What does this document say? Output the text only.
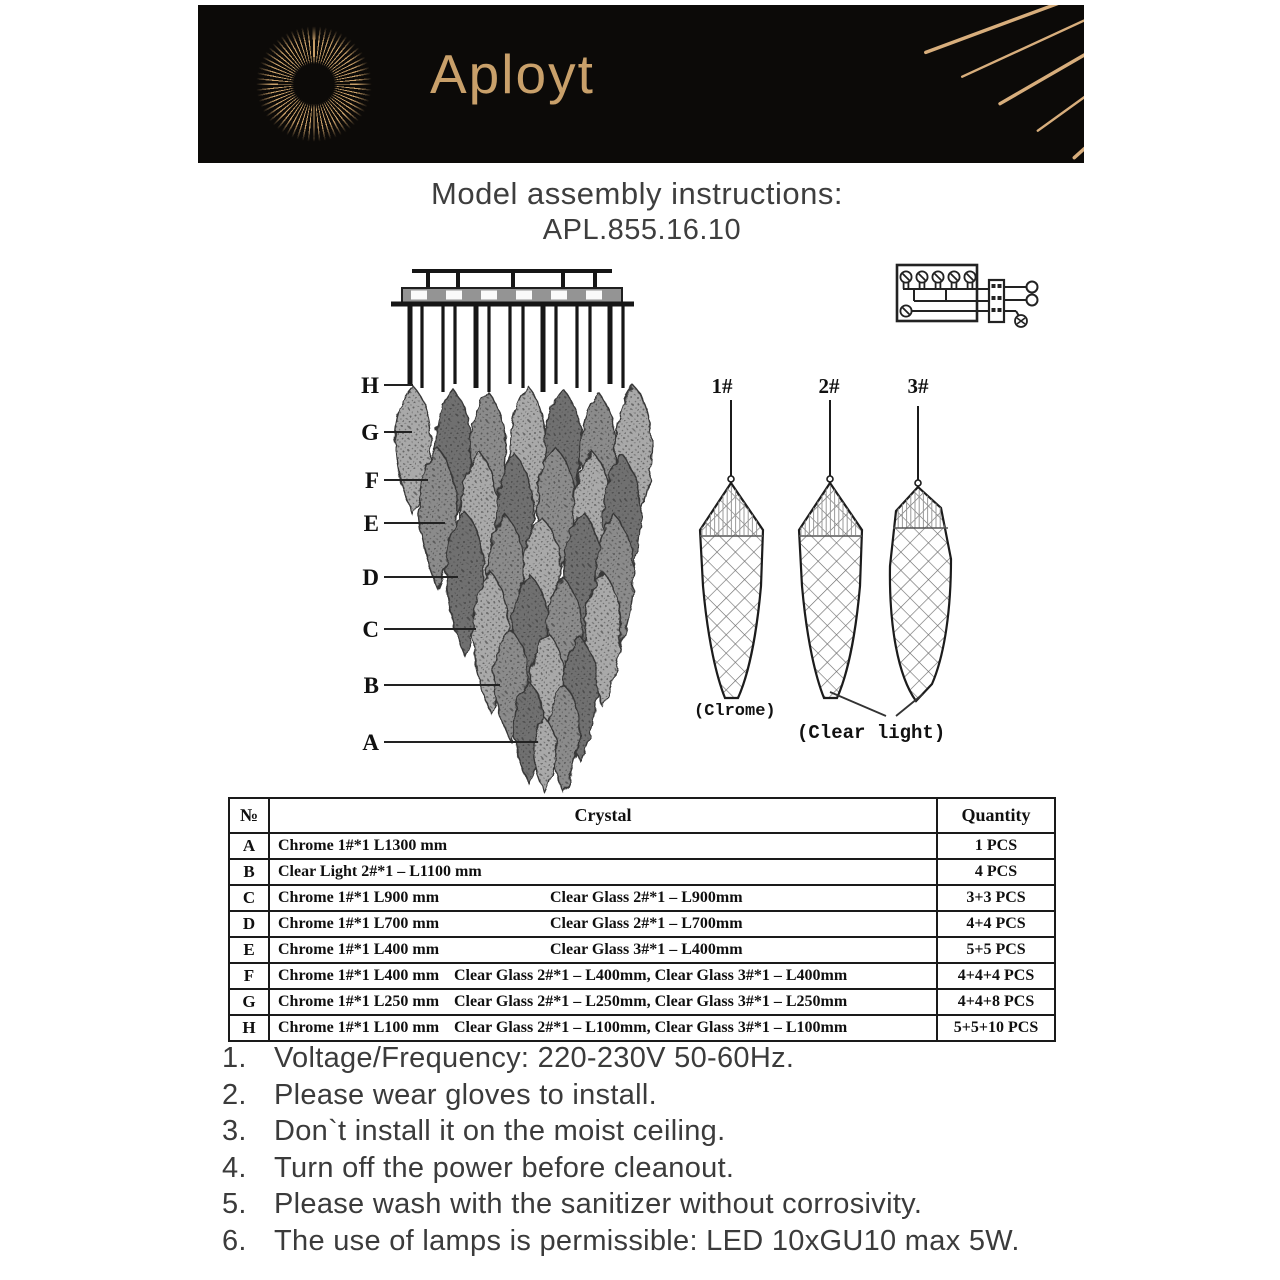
Aployt
Model assembly instructions:
APL.855.16.10
H
G
F
E
D
C
B
A
1#	2#	3#
(Clrome)
(Clear light)
№	Crystal	Quantity
A	Chrome 1#*1 L1300 mm	1 PCS
B	Clear Light 2#*1 – L1100 mm	4 PCS
C	Chrome 1#*1 L900 mm Clear Glass 2#*1 – L900mm	3+3 PCS
D	Chrome 1#*1 L700 mm Clear Glass 2#*1 – L700mm	4+4 PCS
E	Chrome 1#*1 L400 mm Clear Glass 3#*1 – L400mm	5+5 PCS
F	Chrome 1#*1 L400 mm Clear Glass 2#*1 – L400mm, Clear Glass 3#*1 – L400mm	4+4+4 PCS
G	Chrome 1#*1 L250 mm Clear Glass 2#*1 – L250mm, Clear Glass 3#*1 – L250mm	4+4+8 PCS
H	Chrome 1#*1 L100 mm Clear Glass 2#*1 – L100mm, Clear Glass 3#*1 – L100mm	5+5+10 PCS
1. Voltage/Frequency: 220-230V 50-60Hz.
2. Please wear gloves to install.
3. Don`t install it on the moist ceiling.
4. Turn off the power before cleanout.
5. Please wash with the sanitizer without corrosivity.
6. The use of lamps is permissible: LED 10xGU10 max 5W.
